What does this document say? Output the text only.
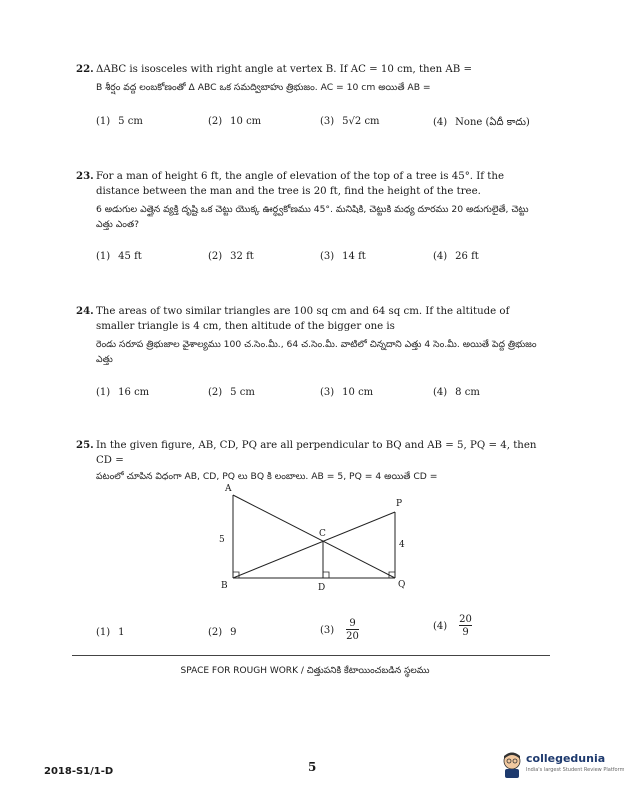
22. ΔABC is isosceles with right angle at vertex B. If AC = 10 cm, then AB =
B శీర్షం వద్ద లంబకోణంతో Δ ABC ఒక సమద్విబాహు త్రిభుజం. AC = 10 cm అయితే AB =
(1) 5 cm	(2) 10 cm	(3) 5√2 cm	(4) None (ఏదీ కాదు)
23. For a man of height 6 ft, the angle of elevation of the top of a tree is 45°. If the distance between the man and the tree is 20 ft, find the height of the tree.
6 అడుగుల ఎత్తైన వ్యక్తి దృష్టి ఒక చెట్టు యొక్క ఊర్ధ్వకోణము 45°. మనిషికి, చెట్టుకి మధ్య దూరము 20 అడుగులైతే, చెట్టు ఎత్తు ఎంత?
(1) 45 ft	(2) 32 ft	(3) 14 ft	(4) 26 ft
24. The areas of two similar triangles are 100 sq cm and 64 sq cm. If the altitude of smaller triangle is 4 cm, then altitude of the bigger one is
రెండు సరూప త్రిభుజాల వైశాల్యము 100 చ.సెం.మీ., 64 చ.సెం.మీ. వాటిలో చిన్నదాని ఎత్తు 4 సెం.మీ. అయితే పెద్ద త్రిభుజం ఎత్తు
(1) 16 cm	(2) 5 cm	(3) 10 cm	(4) 8 cm
25. In the given figure, AB, CD, PQ are all perpendicular to BQ and AB = 5, PQ = 4, then CD =
పటంలో చూపిన విధంగా AB, CD, PQ లు BQ కి లంబాలు. AB = 5, PQ = 4 అయితే CD =
A
B
C
D
P
Q
5	4
(1) 1	(2) 9	$(3) \frac{9}{20}$	$(4) \frac{20}{9}$
SPACE FOR ROUGH WORK / చిత్తుపనికి కేటాయించబడిన స్థలము
2018-S1/1-D	5
collegedunia
India's largest Student Review Platform
